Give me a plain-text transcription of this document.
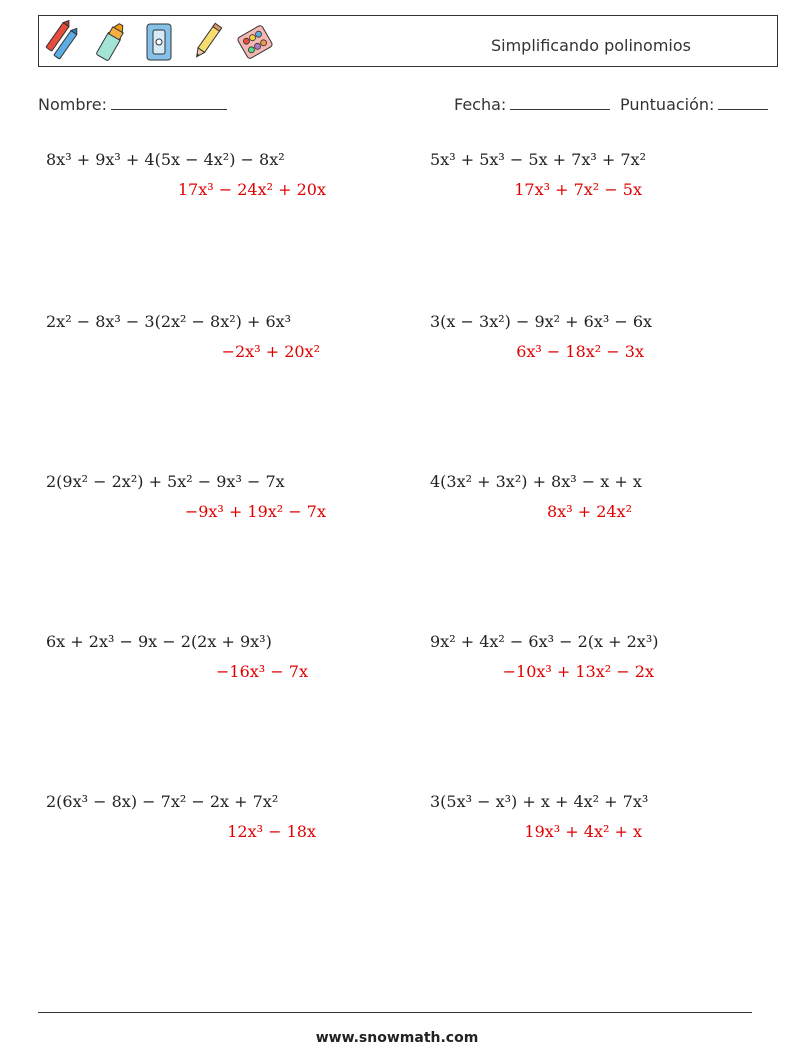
Simplificando polinomios
Nombre:	Fecha:	Puntuación:
8x³ + 9x³ + 4(5x − 4x²) − 8x²
17x³ − 24x² + 20x
5x³ + 5x³ − 5x + 7x³ + 7x²
17x³ + 7x² − 5x
2x² − 8x³ − 3(2x² − 8x²) + 6x³
−2x³ + 20x²
3(x − 3x²) − 9x² + 6x³ − 6x
6x³ − 18x² − 3x
2(9x² − 2x²) + 5x² − 9x³ − 7x
−9x³ + 19x² − 7x
4(3x² + 3x²) + 8x³ − x + x
8x³ + 24x²
6x + 2x³ − 9x − 2(2x + 9x³)
−16x³ − 7x
9x² + 4x² − 6x³ − 2(x + 2x³)
−10x³ + 13x² − 2x
2(6x³ − 8x) − 7x² − 2x + 7x²
12x³ − 18x
3(5x³ − x³) + x + 4x² + 7x³
19x³ + 4x² + x
www.snowmath.com
